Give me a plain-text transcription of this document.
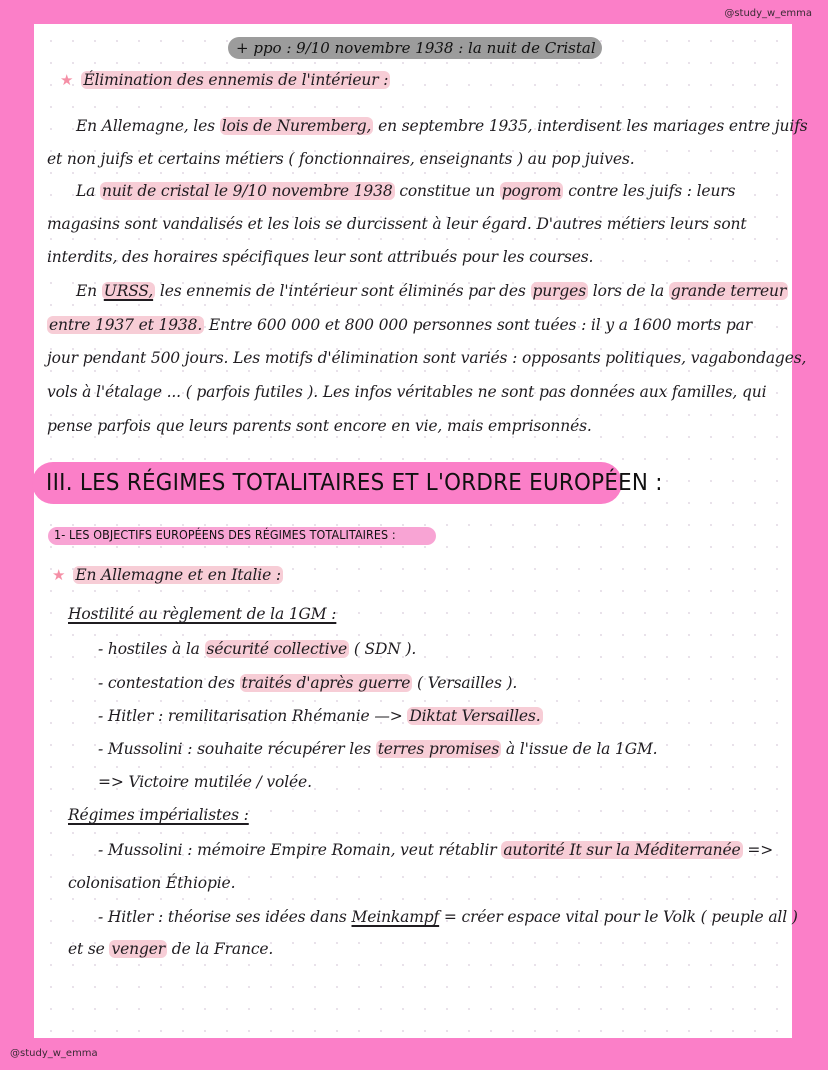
@study_w_emma
@study_w_emma
+ ppo : 9/10 novembre 1938 : la nuit de Cristal
★ Élimination des ennemis de l'intérieur :
En Allemagne, les lois de Nuremberg, en septembre 1935, interdisent les mariages entre juifs
et non juifs et certains métiers ( fonctionnaires, enseignants ) au pop juives.
La nuit de cristal le 9/10 novembre 1938 constitue un pogrom contre les juifs : leurs
magasins sont vandalisés et les lois se durcissent à leur égard. D'autres métiers leurs sont
interdits, des horaires spécifiques leur sont attribués pour les courses.
En URSS, les ennemis de l'intérieur sont éliminés par des purges lors de la grande terreur
entre 1937 et 1938. Entre 600 000 et 800 000 personnes sont tuées : il y a 1600 morts par
jour pendant 500 jours. Les motifs d'élimination sont variés : opposants politiques, vagabondages,
vols à l'étalage ... ( parfois futiles ). Les infos véritables ne sont pas données aux familles, qui
pense parfois que leurs parents sont encore en vie, mais emprisonnés.
III. LES RÉGIMES TOTALITAIRES ET L'ORDRE EUROPÉEN :
1- LES OBJECTIFS EUROPÉENS DES RÉGIMES TOTALITAIRES :
★ En Allemagne et en Italie :
Hostilité au règlement de la 1GM :
- hostiles à la sécurité collective ( SDN ).
- contestation des traités d'après guerre ( Versailles ).
- Hitler : remilitarisation Rhémanie —> Diktat Versailles.
- Mussolini : souhaite récupérer les terres promises à l'issue de la 1GM.
=> Victoire mutilée / volée.
Régimes impérialistes :
- Mussolini : mémoire Empire Romain, veut rétablir autorité It sur la Méditerranée =>
colonisation Éthiopie.
- Hitler : théorise ses idées dans Meinkampf = créer espace vital pour le Volk ( peuple all )
et se venger de la France.
